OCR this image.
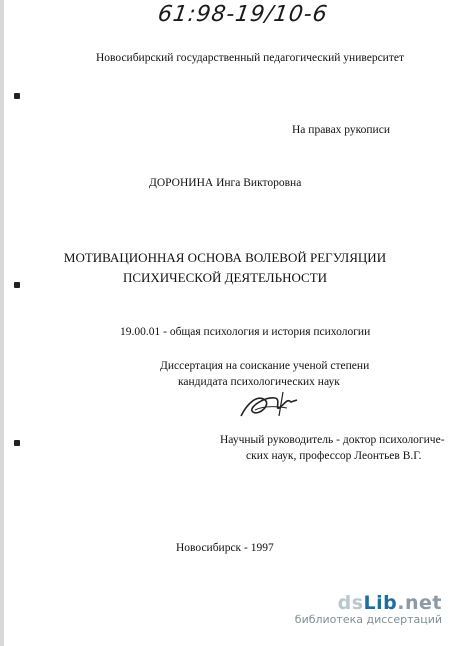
61:98-19/10-6
Новосибирский государственный педагогический университет
На правах рукописи
ДОРОНИНА Инга Викторовна
МОТИВАЦИОННАЯ ОСНОВА ВОЛЕВОЙ РЕГУЛЯЦИИ
ПСИХИЧЕСКОЙ ДЕЯТЕЛЬНОСТИ
19.00.01 - общая психология и история психологии
Диссертация на соискание ученой степени
кандидата психологических наук
Научный руководитель - доктор психологиче-
ских наук, профессор Леонтьев В.Г.
Новосибирск - 1997
dsLib.net
библиотека диссертаций
